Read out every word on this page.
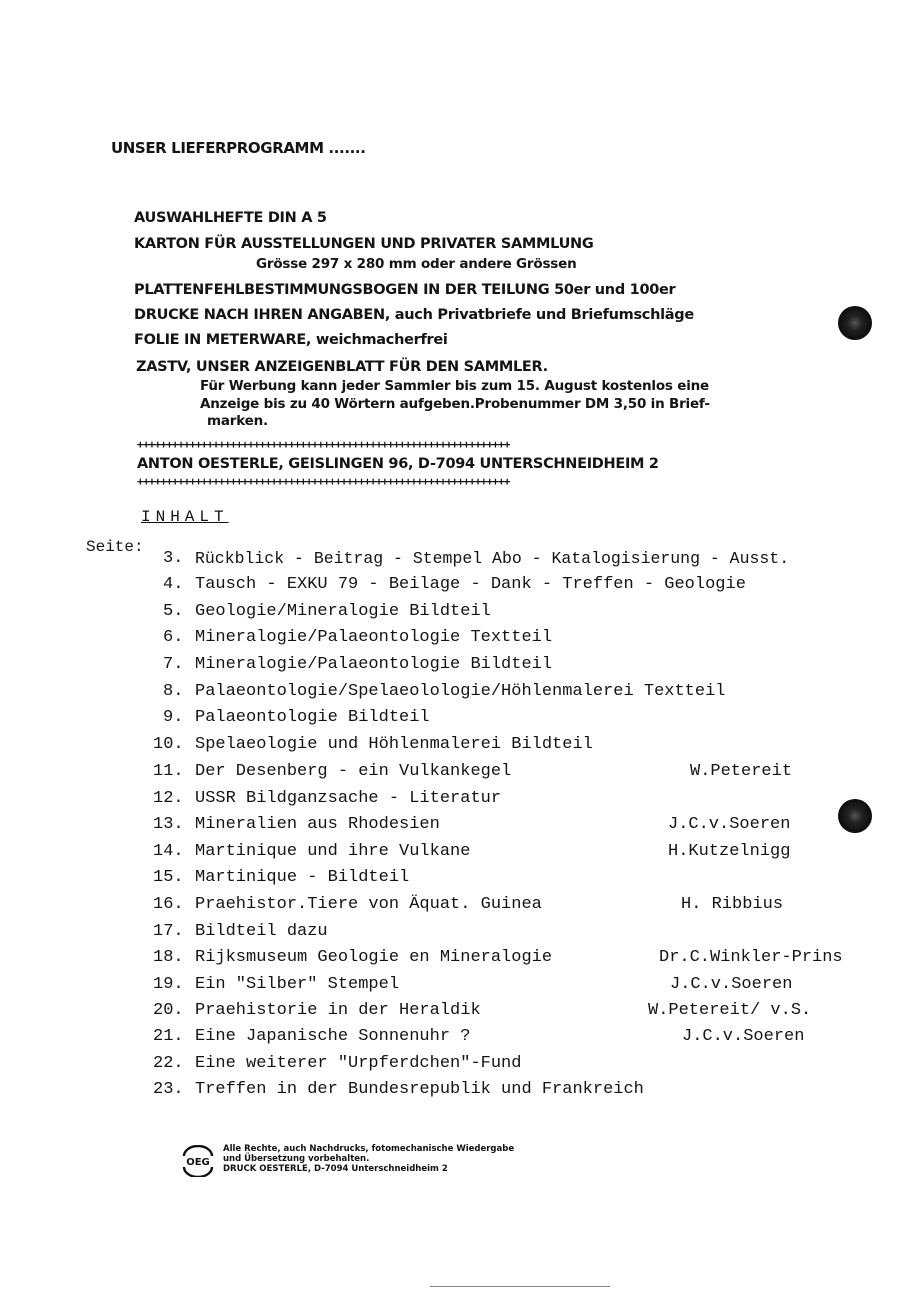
UNSER LIEFERPROGRAMM .......
AUSWAHLHEFTE DIN A 5
KARTON FÜR AUSSTELLUNGEN UND PRIVATER SAMMLUNG
Grösse 297 x 280 mm oder andere Grössen
PLATTENFEHLBESTIMMUNGSBOGEN IN DER TEILUNG 50er und 100er
DRUCKE NACH IHREN ANGABEN, auch Privatbriefe und Briefumschläge
FOLIE IN METERWARE, weichmacherfrei
ZASTV, UNSER ANZEIGENBLATT FÜR DEN SAMMLER.
Für Werbung kann jeder Sammler bis zum 15. August kostenlos eine
Anzeige bis zu 40 Wörtern aufgeben.Probenummer DM 3,50 in Brief-
marken.
++++++++++++++++++++++++++++++++++++++++++++++++++++++++++++++++
ANTON OESTERLE, GEISLINGEN 96, D-7094 UNTERSCHNEIDHEIM 2
++++++++++++++++++++++++++++++++++++++++++++++++++++++++++++++++
INHALT
Seite:
3. Rückblick - Beitrag - Stempel Abo - Katalogisierung - Ausst.
4. Tausch - EXKU 79 - Beilage - Dank - Treffen - Geologie
5. Geologie/Mineralogie Bildteil
6. Mineralogie/Palaeontologie Textteil
7. Mineralogie/Palaeontologie Bildteil
8. Palaeontologie/Spelaeolologie/Höhlenmalerei Textteil
9. Palaeontologie Bildteil
10. Spelaeologie und Höhlenmalerei Bildteil
11. Der Desenberg - ein Vulkankegel	W.Petereit
12. USSR Bildganzsache - Literatur
13. Mineralien aus Rhodesien	J.C.v.Soeren
14. Martinique und ihre Vulkane	H.Kutzelnigg
15. Martinique - Bildteil
16. Praehistor.Tiere von Äquat. Guinea	H. Ribbius
17. Bildteil dazu
18. Rijksmuseum Geologie en Mineralogie	Dr.C.Winkler-Prins
19. Ein "Silber" Stempel	J.C.v.Soeren
20. Praehistorie in der Heraldik	W.Petereit/ v.S.
21. Eine Japanische Sonnenuhr ?	J.C.v.Soeren
22. Eine weiterer "Urpferdchen"-Fund
23. Treffen in der Bundesrepublik und Frankreich
OEG
Alle Rechte, auch Nachdrucks, fotomechanische Wiedergabe
und Übersetzung vorbehalten.
DRUCK OESTERLE, D-7094 Unterschneidheim 2
